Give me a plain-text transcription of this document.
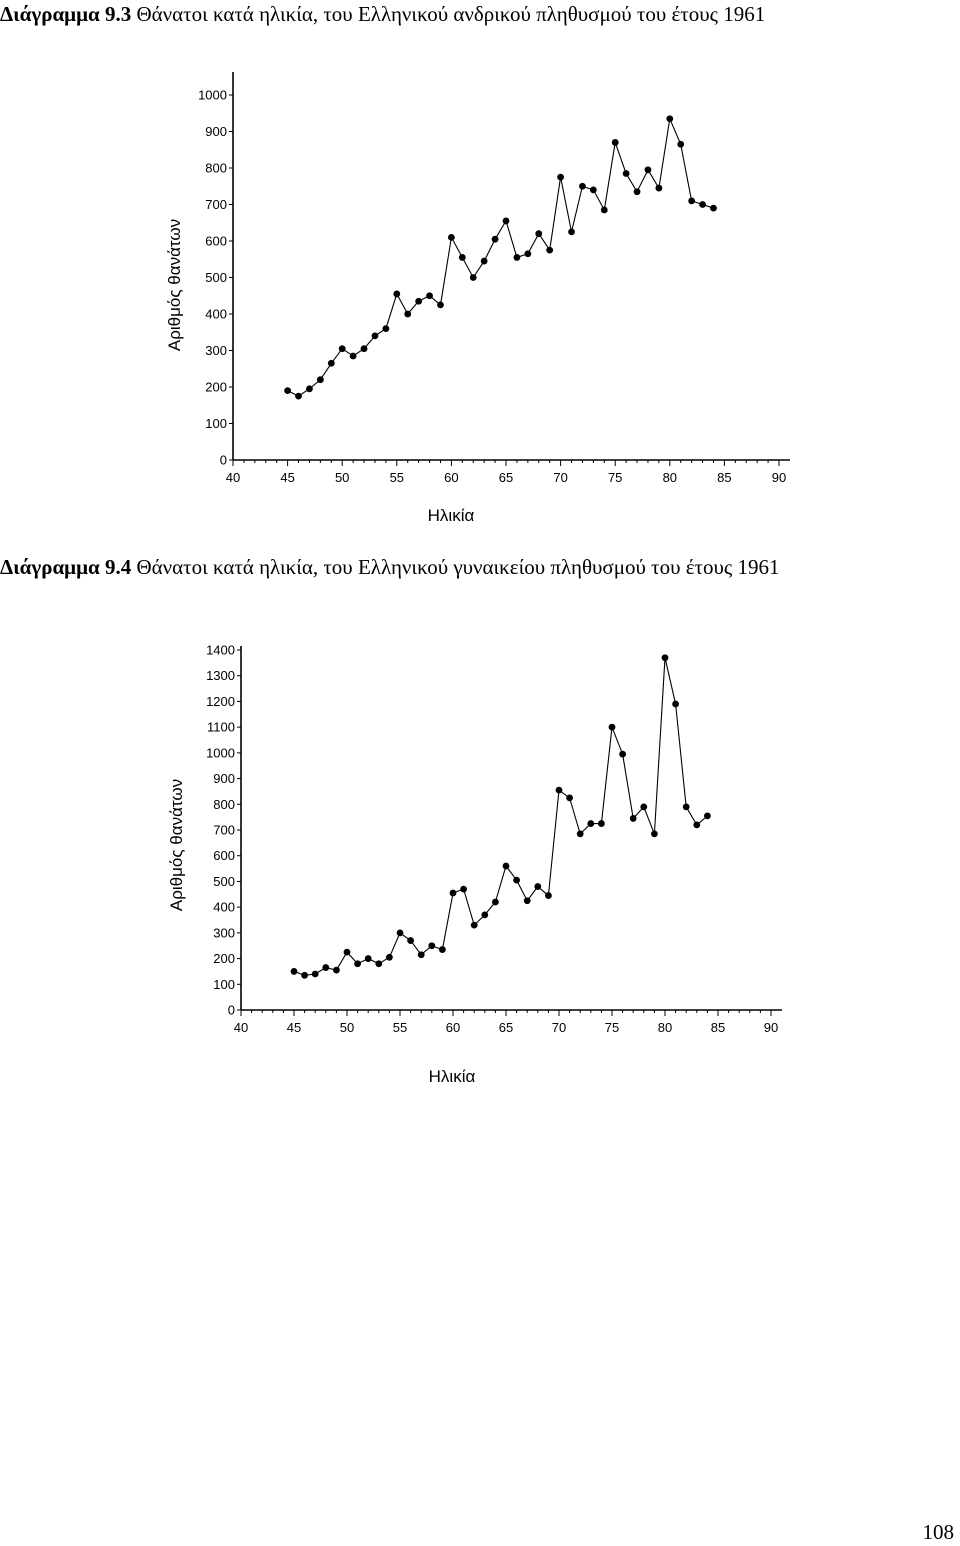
Διάγραμμα 9.3 Θάνατοι κατά ηλικία, του Ελληνικού ανδρικού πληθυσμού του έτους 1961
0
100
200
300
400
500
600
700
800
900
1000
40	45	50	55	60	65	70	75	80	85	90
Ηλικία
Αριθμός θανάτων
Διάγραμμα 9.4 Θάνατοι κατά ηλικία, του Ελληνικού γυναικείου πληθυσμού του έτους 1961
0
100
200
300
400
500
600
700
800
900
1000
1100
1200
1300
1400
40	45	50	55	60	65	70	75	80	85	90
Ηλικία
Αριθμός θανάτων
108
